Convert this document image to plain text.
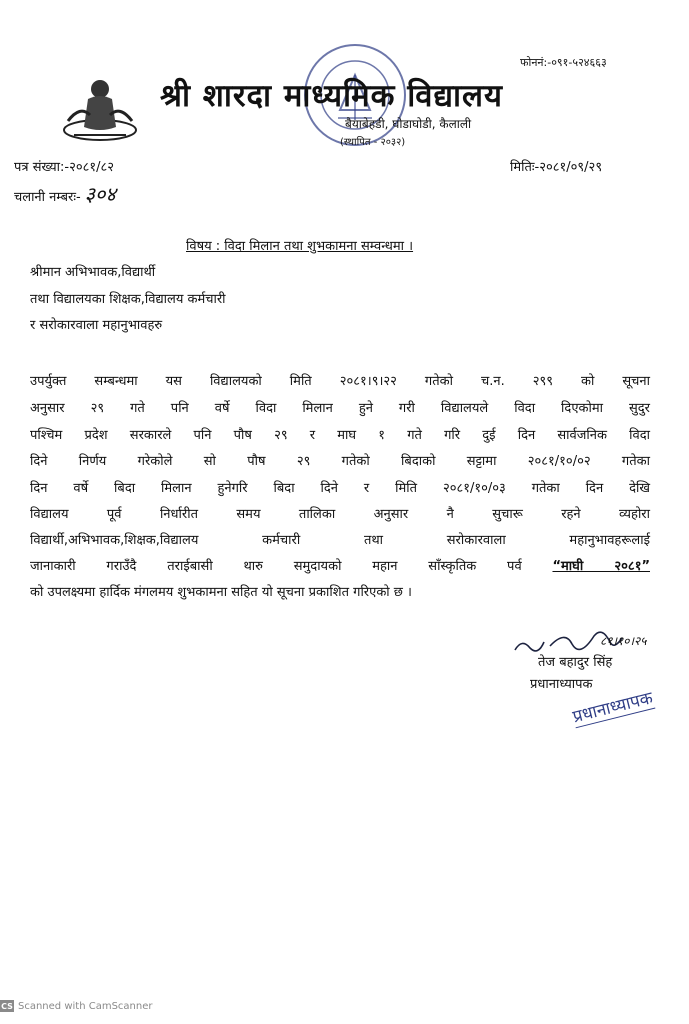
फोननं:-०९१-५२४६६३
श्री शारदा माध्यमिक विद्यालय
बैयाबेहडी, घोडाघोडी, कैलाली
(स्थापित - २०३२)
पत्र संख्या:-२०८१/८२	मितिः-२०८१/०९/२९
चलानी नम्बरः- ३०४
विषय : विदा मिलान तथा शुभकामना सम्वन्धमा ।
श्रीमान अभिभावक,विद्यार्थी
तथा विद्यालयका शिक्षक,विद्यालय कर्मचारी
र सरोकारवाला महानुभावहरु
उपर्युक्त सम्बन्धमा यस विद्यालयको मिति २०८१।९।२२ गतेको च.न. २९९ को सूचना
अनुसार २९ गते पनि वर्षे विदा मिलान हुने गरी विद्यालयले विदा दिएकोमा सुदुर
पश्चिम प्रदेश सरकारले पनि पौष २९ र माघ १ गते गरि दुई दिन सार्वजनिक विदा
दिने निर्णय गरेकोले सो पौष २९ गतेको बिदाको सट्टामा २०८१/१०/०२ गतेका
दिन वर्षे बिदा मिलान हुनेगरि बिदा दिने र मिति २०८१/१०/०३ गतेका दिन देखि
विद्यालय पूर्व निर्धारीत समय तालिका अनुसार नै सुचारू रहने व्यहोरा
विद्यार्थी,अभिभावक,शिक्षक,विद्यालय कर्मचारी तथा सरोकारवाला महानुभावहरूलाई
जानाकारी गराउँदै तराईबासी थारु समुदायको महान साँस्कृतिक पर्व “माघी २०८१”
को उपलक्ष्यमा हार्दिक मंगलमय शुभकामना सहित यो सूचना प्रकाशित गरिएको छ ।
८१।१०।२५
तेज बहादुर सिंह
प्रधानाध्यापक
प्रधानाध्यापक
CS Scanned with CamScanner
